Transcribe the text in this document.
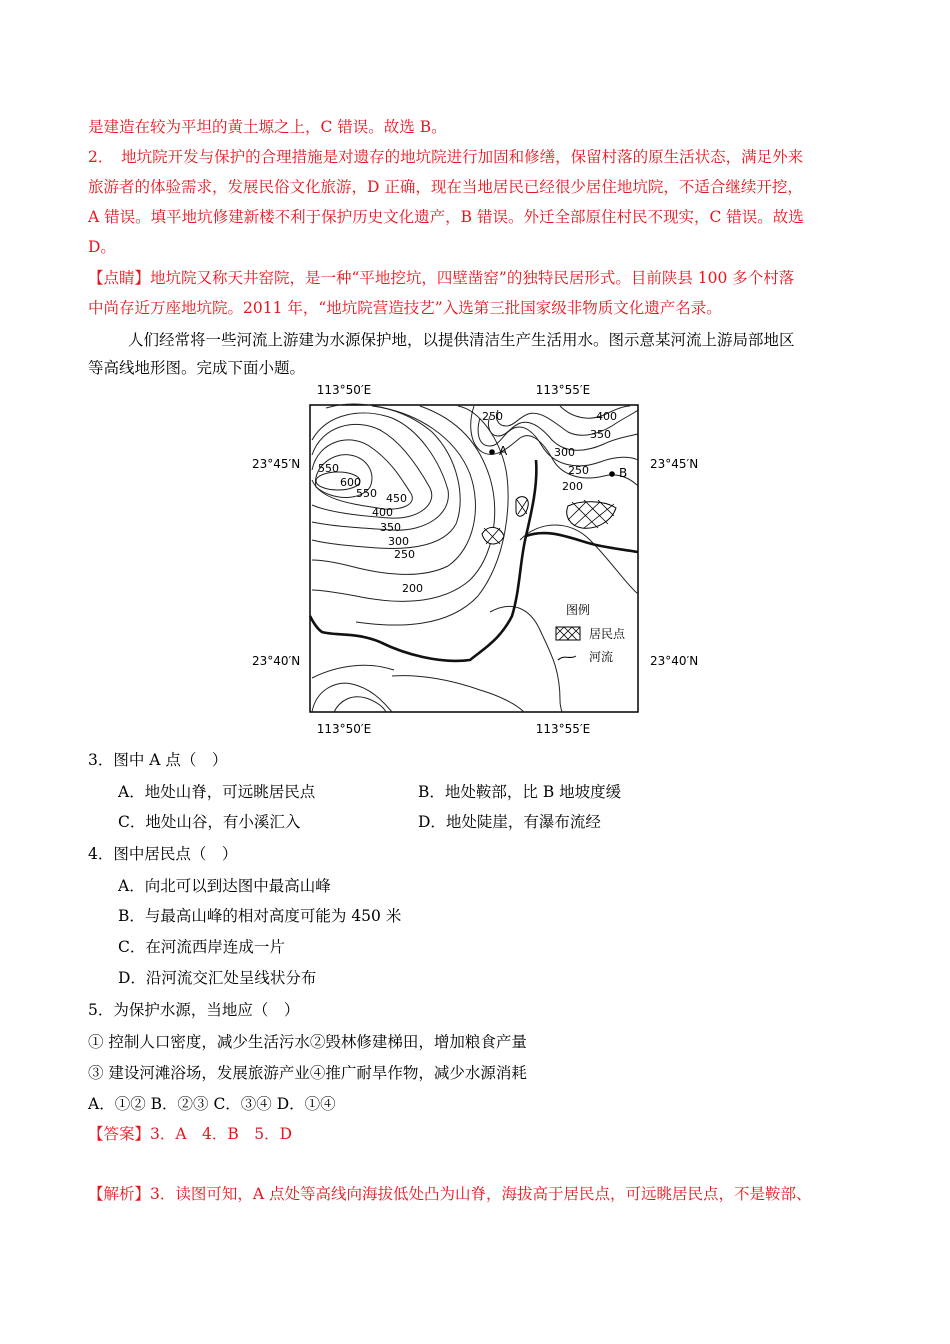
是建造在较为平坦的黄土塬之上，C 错误。故选 B。
2．　地坑院开发与保护的合理措施是对遗存的地坑院进行加固和修缮，保留村落的原生活状态，满足外来
旅游者的体验需求，发展民俗文化旅游，D 正确，现在当地居民已经很少居住地坑院，不适合继续开挖，
A 错误。填平地坑修建新楼不利于保护历史文化遗产，B 错误。外迁全部原住村民不现实，C 错误。故选
D。
【点睛】地坑院又称天井窑院，是一种“平地挖坑，四壁凿窑”的独特民居形式。目前陕县 100 多个村落
中尚存近万座地坑院。2011 年，“地坑院营造技艺”入选第三批国家级非物质文化遗产名录。
人们经常将一些河流上游建为水源保护地，以提供清洁生产生活用水。图示意某河流上游局部地区
等高线地形图。完成下面小题。
113°50′E	113°55′E
113°50′E	113°55′E
23°45′N	23°45′N
23°40′N	23°40′N
550
600
550 450
400
350
300
250
200
250	400
350
300
250
200
A
B
图例
居民点
河流
3．图中 A 点（　）
A．地处山脊，可远眺居民点	B．地处鞍部，比 B 地坡度缓
C．地处山谷，有小溪汇入	D．地处陡崖，有瀑布流经
4．图中居民点（　）
A．向北可以到达图中最高山峰
B．与最高山峰的相对高度可能为 450 米
C．在河流西岸连成一片
D．沿河流交汇处呈线状分布
5．为保护水源，当地应（　）
① 控制人口密度，减少生活污水②毁林修建梯田，增加粮食产量
③ 建设河滩浴场，发展旅游产业④推广耐旱作物，减少水源消耗
A．①② B．②③ C．③④ D．①④
【答案】3．A　4．B　5．D
【解析】3．读图可知，A 点处等高线向海拔低处凸为山脊，海拔高于居民点，可远眺居民点，不是鞍部、
